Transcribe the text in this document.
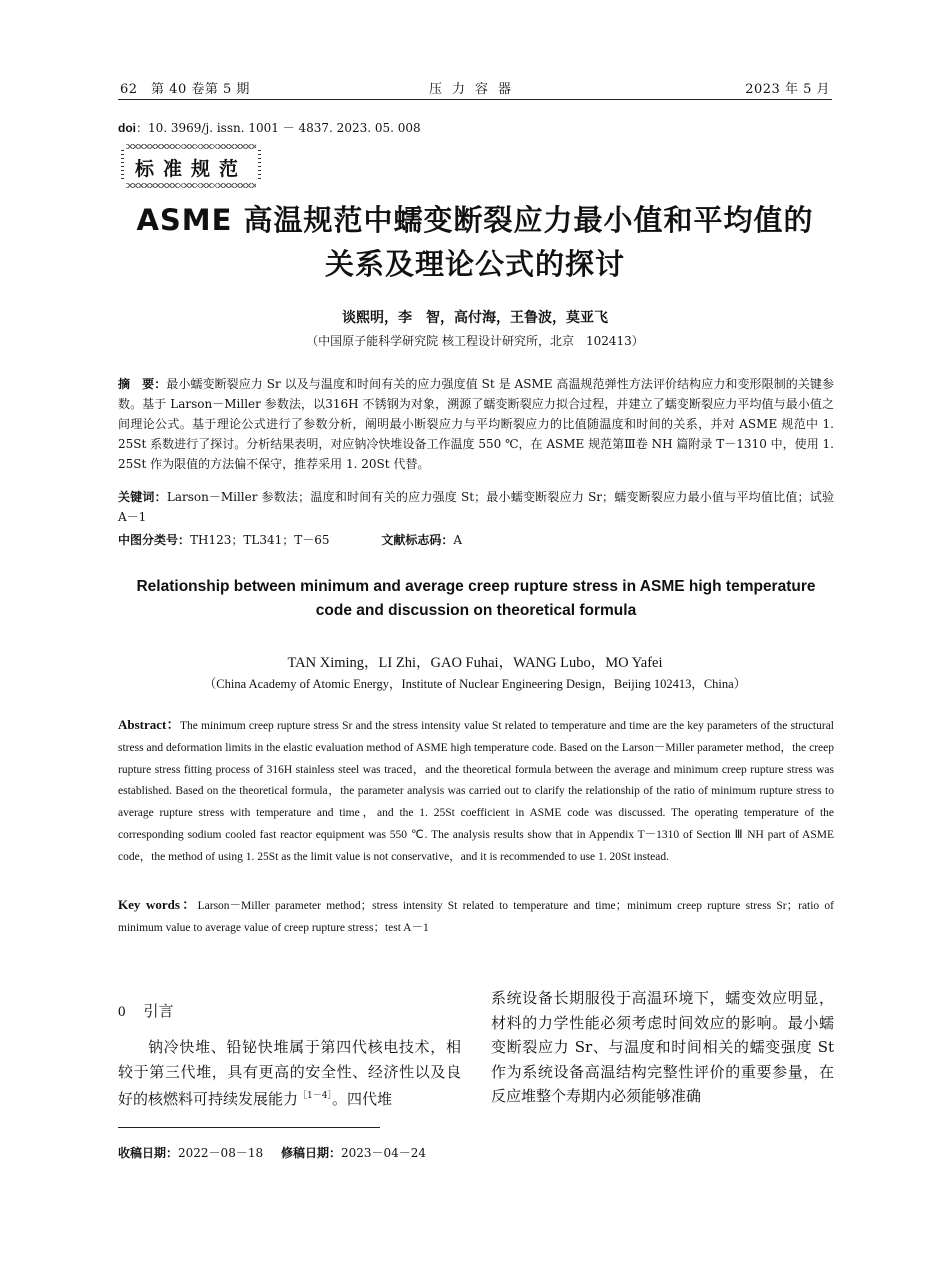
62　第 40 卷第 5 期	压力容器	2023 年 5 月
doi：10. 3969/j. issn. 1001 － 4837. 2023. 05. 008
标准规范
ASME 高温规范中蠕变断裂应力最小值和平均值的
关系及理论公式的探讨
谈熙明，李　智，高付海，王鲁波，莫亚飞
（中国原子能科学研究院 核工程设计研究所，北京　102413）
摘　要：最小蠕变断裂应力 Sr 以及与温度和时间有关的应力强度值 St 是 ASME 高温规范弹性方法评价结构应力和变形限制的关键参数。基于 Larson－Miller 参数法，以316H 不锈钢为对象，溯源了蠕变断裂应力拟合过程，并建立了蠕变断裂应力平均值与最小值之间理论公式。基于理论公式进行了参数分析，阐明最小断裂应力与平均断裂应力的比值随温度和时间的关系，并对 ASME 规范中 1. 25St 系数进行了探讨。分析结果表明，对应钠冷快堆设备工作温度 550 ℃，在 ASME 规范第Ⅲ卷 NH 篇附录 T－1310 中，使用 1. 25St 作为限值的方法偏不保守，推荐采用 1. 20St 代替。
关键词：Larson－Miller 参数法；温度和时间有关的应力强度 St；最小蠕变断裂应力 Sr；蠕变断裂应力最小值与平均值比值；试验 A－1
中图分类号：TH123；TL341；T－65	文献标志码：A
Relationship between minimum and average creep rupture stress in ASME high temperature code and discussion on theoretical formula
TAN Ximing，LI Zhi，GAO Fuhai，WANG Lubo，MO Yafei
（China Academy of Atomic Energy，Institute of Nuclear Engineering Design，Beijing 102413，China）
Abstract：The minimum creep rupture stress Sr and the stress intensity value St related to temperature and time are the key parameters of the structural stress and deformation limits in the elastic evaluation method of ASME high temperature code. Based on the Larson－Miller parameter method，the creep rupture stress fitting process of 316H stainless steel was traced，and the theoretical formula between the average and minimum creep rupture stress was established. Based on the theoretical formula，the parameter analysis was carried out to clarify the relationship of the ratio of minimum rupture stress to average rupture stress with temperature and time，and the 1. 25St coefficient in ASME code was discussed. The operating temperature of the corresponding sodium cooled fast reactor equipment was 550 ℃. The analysis results show that in Appendix T－1310 of Section Ⅲ NH part of ASME code，the method of using 1. 25St as the limit value is not conservative，and it is recommended to use 1. 20St instead.
Key words：Larson－Miller parameter method；stress intensity St related to temperature and time；minimum creep rupture stress Sr；ratio of minimum value to average value of creep rupture stress；test A－1
0 引言
钠冷快堆、铅铋快堆属于第四代核电技术，相较于第三代堆，具有更高的安全性、经济性以及良好的核燃料可持续发展能力$^{[1-4]}$。四代堆
系统设备长期服役于高温环境下，蠕变效应明显，材料的力学性能必须考虑时间效应的影响。最小蠕变断裂应力 Sr、与温度和时间相关的蠕变强度 St 作为系统设备高温结构完整性评价的重要参量，在反应堆整个寿期内必须能够准确
收稿日期：2022－08－18 修稿日期：2023－04－24
